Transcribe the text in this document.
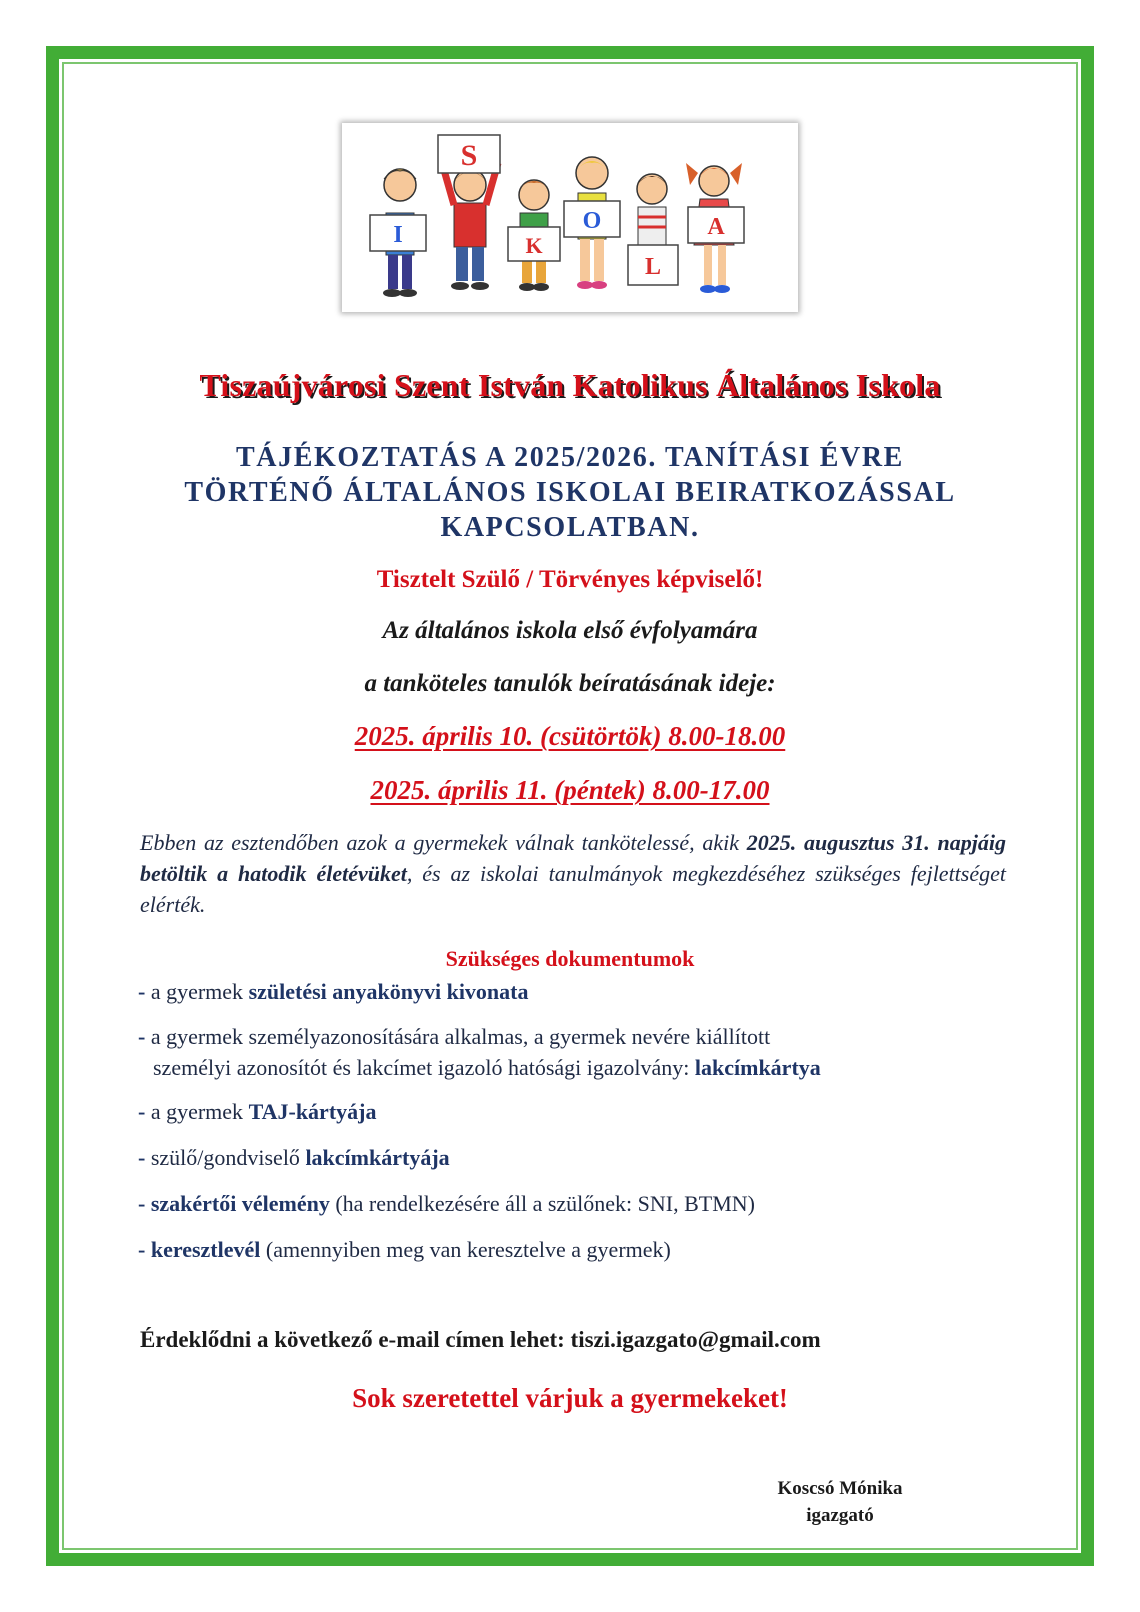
I
S
K
O
L
A
Tiszaújvárosi Szent István Katolikus Általános Iskola
TÁJÉKOZTATÁS A 2025/2026. TANÍTÁSI ÉVRE
TÖRTÉNŐ ÁLTALÁNOS ISKOLAI BEIRATKOZÁSSAL
KAPCSOLATBAN.
Tisztelt Szülő / Törvényes képviselő!
Az általános iskola első évfolyamára
a tanköteles tanulók beíratásának ideje:
2025. április 10. (csütörtök) 8.00-18.00
2025. április 11. (péntek) 8.00-17.00
Ebben az esztendőben azok a gyermekek válnak tankötelessé, akik 2025. augusztus 31. napjáig betöltik a hatodik életévüket, és az iskolai tanulmányok megkezdéséhez szükséges fejlettséget elérték.
Szükséges dokumentumok
- a gyermek születési anyakönyvi kivonata
- a gyermek személyazonosítására alkalmas, a gyermek nevére kiállított
személyi azonosítót és lakcímet igazoló hatósági igazolvány: lakcímkártya
- a gyermek TAJ-kártyája
- szülő/gondviselő lakcímkártyája
- szakértői vélemény (ha rendelkezésére áll a szülőnek: SNI, BTMN)
- keresztlevél (amennyiben meg van keresztelve a gyermek)
Érdeklődni a következő e-mail címen lehet: tiszi.igazgato@gmail.com
Sok szeretettel várjuk a gyermekeket!
Koscsó Mónika
igazgató
